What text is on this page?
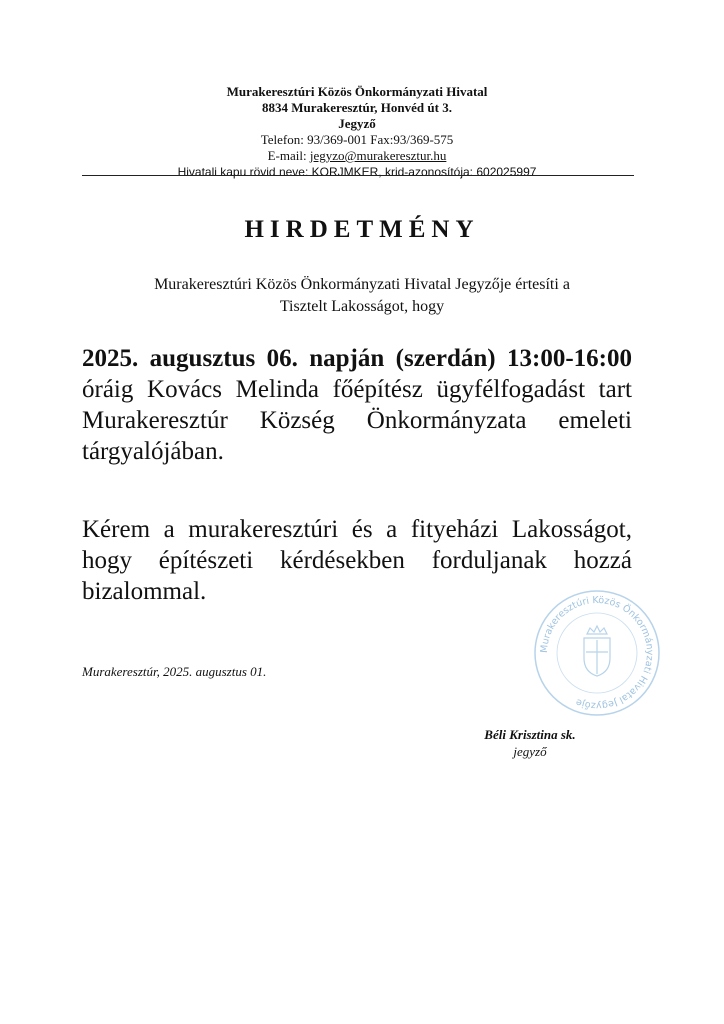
Murakeresztúri Közös Önkormányzati Hivatal
8834 Murakeresztúr, Honvéd út 3.
Jegyző
Telefon: 93/369-001 Fax:93/369-575
E-mail: jegyzo@murakeresztur.hu
Hivatali kapu rövid neve: KORJMKER, krid-azonosítója: 602025997
HIRDETMÉNY
Murakeresztúri Közös Önkormányzati Hivatal Jegyzője értesíti a
Tisztelt Lakosságot, hogy
2025. augusztus 06. napján (szerdán) 13:00-16:00 óráig Kovács Melinda főépítész ügyfélfogadást tart Murakeresztúr Község Önkormányzata emeleti tárgyalójában.
Kérem a murakeresztúri és a fityeházi Lakosságot, hogy építészeti kérdésekben forduljanak hozzá bizalommal.
Murakeresztúr, 2025. augusztus 01.
Béli Krisztina sk.
jegyző
Murakeresztúri Közös Önkormányzati Hivatal Jegyzője
